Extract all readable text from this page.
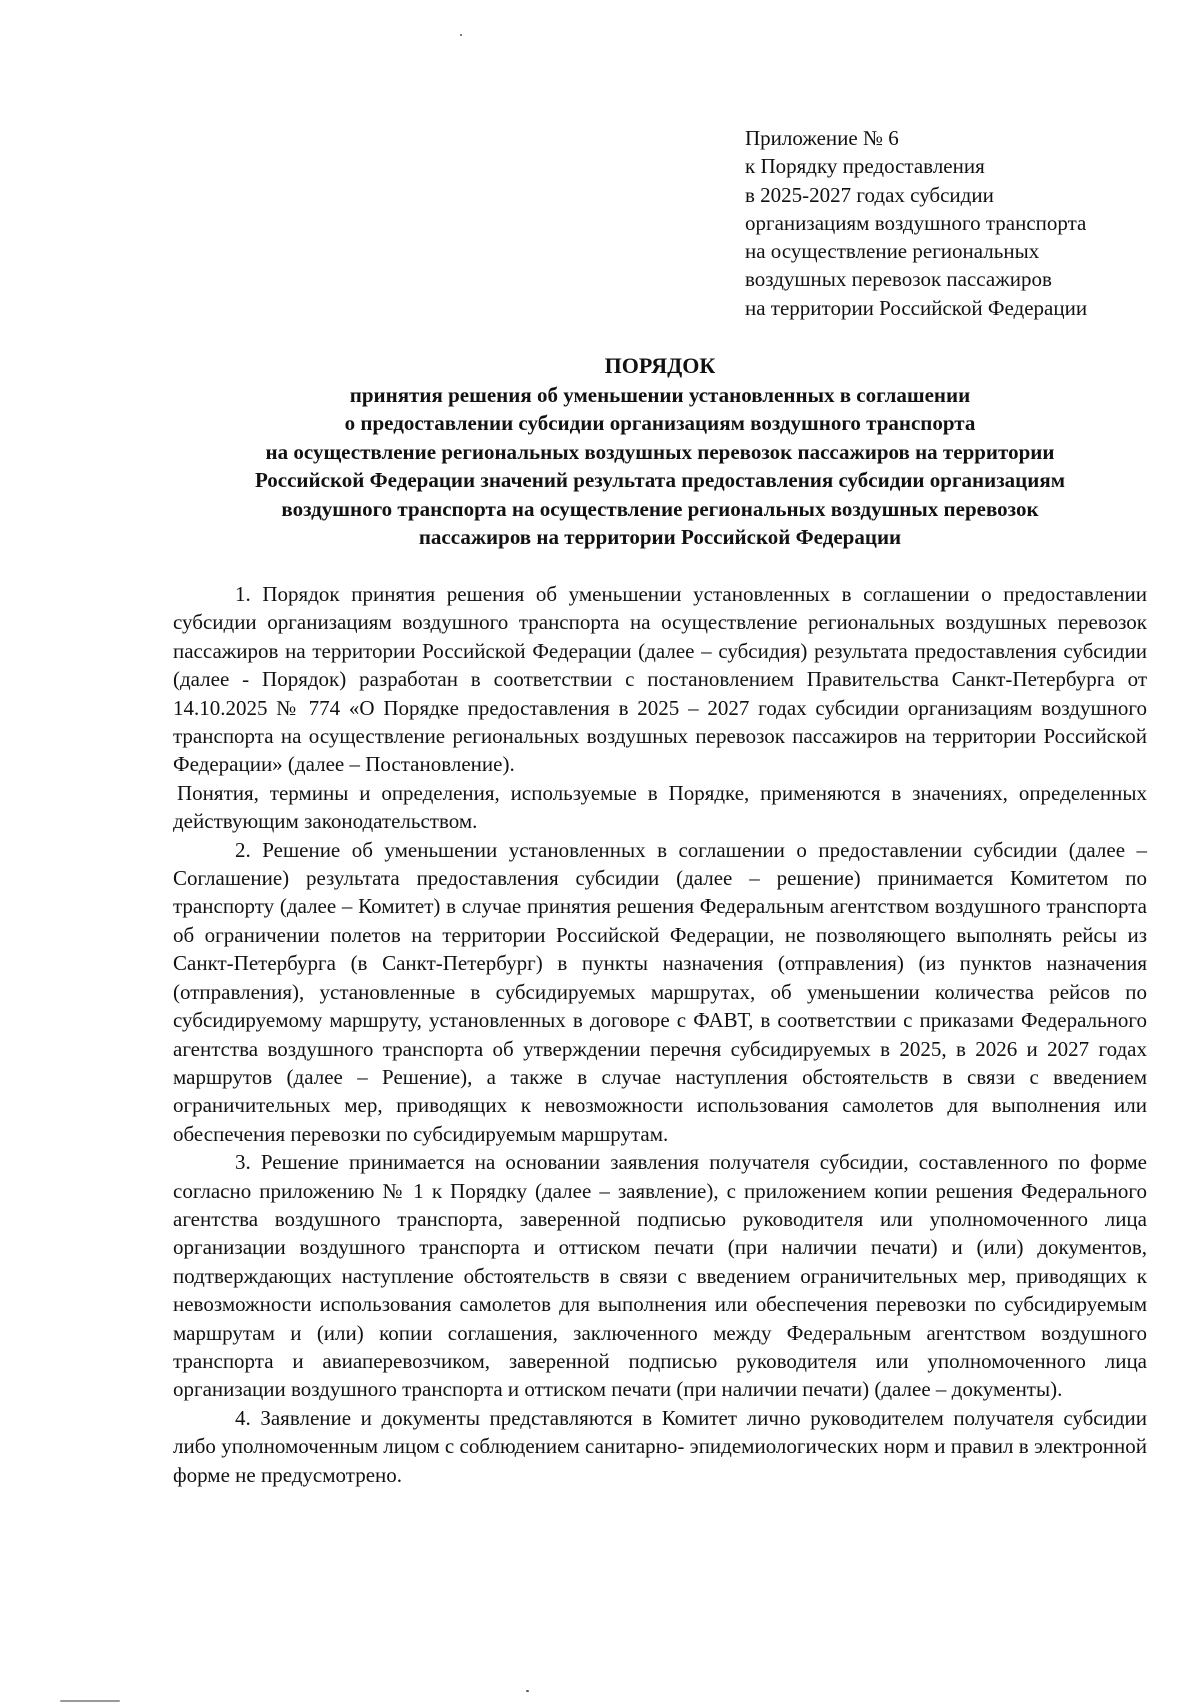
Приложение № 6
к Порядку предоставления
в 2025-2027 годах субсидии
организациям воздушного транспорта
на осуществление региональных
воздушных перевозок пассажиров
на территории Российской Федерации
ПОРЯДОК
принятия решения об уменьшении установленных в соглашении
о предоставлении субсидии организациям воздушного транспорта
на осуществление региональных воздушных перевозок пассажиров на территории
Российской Федерации значений результата предоставления субсидии организациям
воздушного транспорта на осуществление региональных воздушных перевозок
пассажиров на территории Российской Федерации

1. Порядок принятия решения об уменьшении установленных в соглашении о предоставлении субсидии организациям воздушного транспорта на осуществление региональных воздушных перевозок пассажиров на территории Российской Федерации (далее – субсидия) результата предоставления субсидии (далее - Порядок) разработан в соответствии с постановлением Правительства Санкт-Петербурга от 14.10.2025 № 774 «О Порядке предоставления в 2025 – 2027 годах субсидии организациям воздушного транспорта на осуществление региональных воздушных перевозок пассажиров на территории Российской Федерации» (далее – Постановление).

Понятия, термины и определения, используемые в Порядке, применяются в значениях, определенных действующим законодательством.

2. Решение об уменьшении установленных в соглашении о предоставлении субсидии (далее – Соглашение) результата предоставления субсидии (далее – решение) принимается Комитетом по транспорту (далее – Комитет) в случае принятия решения Федеральным агентством воздушного транспорта об ограничении полетов на территории Российской Федерации, не позволяющего выполнять рейсы из Санкт-Петербурга (в Санкт-Петербург) в пункты назначения (отправления) (из пунктов назначения (отправления), установленные в субсидируемых маршрутах, об уменьшении количества рейсов по субсидируемому маршруту, установленных в договоре с ФАВТ, в соответствии с приказами Федерального агентства воздушного транспорта об утверждении перечня субсидируемых в 2025, в 2026 и 2027 годах маршрутов (далее – Решение), а также в случае наступления обстоятельств в связи с введением ограничительных мер, приводящих к невозможности использования самолетов для выполнения или обеспечения перевозки по субсидируемым маршрутам.

3. Решение принимается на основании заявления получателя субсидии, составленного по форме согласно приложению № 1 к Порядку (далее – заявление), с приложением копии решения Федерального агентства воздушного транспорта, заверенной подписью руководителя или уполномоченного лица организации воздушного транспорта и оттиском печати (при наличии печати) и (или) документов, подтверждающих наступление обстоятельств в связи с введением ограничительных мер, приводящих к невозможности использования самолетов для выполнения или обеспечения перевозки по субсидируемым маршрутам и (или) копии соглашения, заключенного между Федеральным агентством воздушного транспорта и авиаперевозчиком, заверенной подписью руководителя или уполномоченного лица организации воздушного транспорта и оттиском печати (при наличии печати) (далее – документы).

4. Заявление и документы представляются в Комитет лично руководителем получателя субсидии либо уполномоченным лицом с соблюдением санитарно- эпидемиологических норм и правил в электронной форме не предусмотрено.
